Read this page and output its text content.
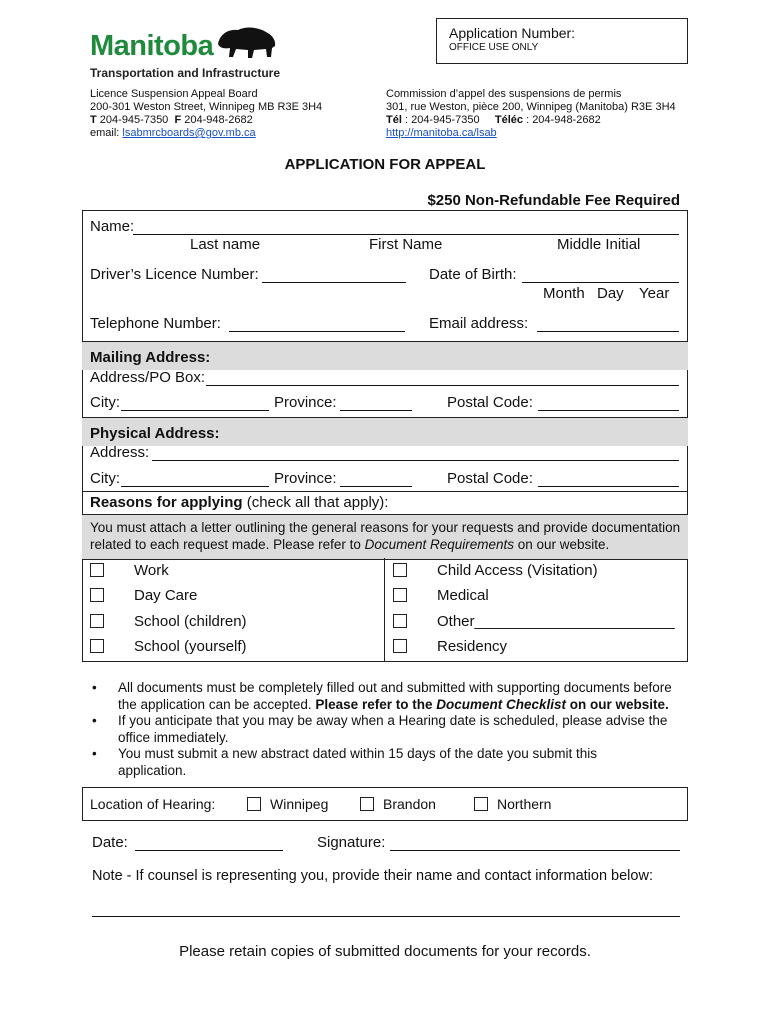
Manitoba
Transportation and Infrastructure
Application Number:
OFFICE USE ONLY
Licence Suspension Appeal Board
200-301 Weston Street, Winnipeg MB R3E 3H4
T 204-945-7350 F 204-948-2682
email: lsabmrcboards@gov.mb.ca
Commission d’appel des suspensions de permis
301, rue Weston, pièce 200, Winnipeg (Manitoba) R3E 3H4
Tél : 204-945-7350 Téléc : 204-948-2682
http://manitoba.ca/lsab
APPLICATION FOR APPEAL
$250 Non-Refundable Fee Required
Name:
Last name	First Name	Middle Initial
Driver’s Licence Number:	Date of Birth:
Month Day Year
Telephone Number:	Email address:
Mailing Address:
Address/PO Box:
City:	Province:	Postal Code:
Physical Address:
Address:
City:	Province:	Postal Code:
Reasons for applying (check all that apply):
You must attach a letter outlining the general reasons for your requests and provide documentation
related to each request made. Please refer to Document Requirements on our website.
Work
Day Care
School (children)
School (yourself)
Child Access (Visitation)
Medical
Other________________________
Residency
• All documents must be completely filled out and submitted with supporting documents before
the application can be accepted. Please refer to the Document Checklist on our website.
• If you anticipate that you may be away when a Hearing date is scheduled, please advise the
office immediately.
• You must submit a new abstract dated within 15 days of the date you submit this
application.
Location of Hearing:	Winnipeg	Brandon	Northern
Date:	Signature:
Note - If counsel is representing you, provide their name and contact information below:
Please retain copies of submitted documents for your records.
